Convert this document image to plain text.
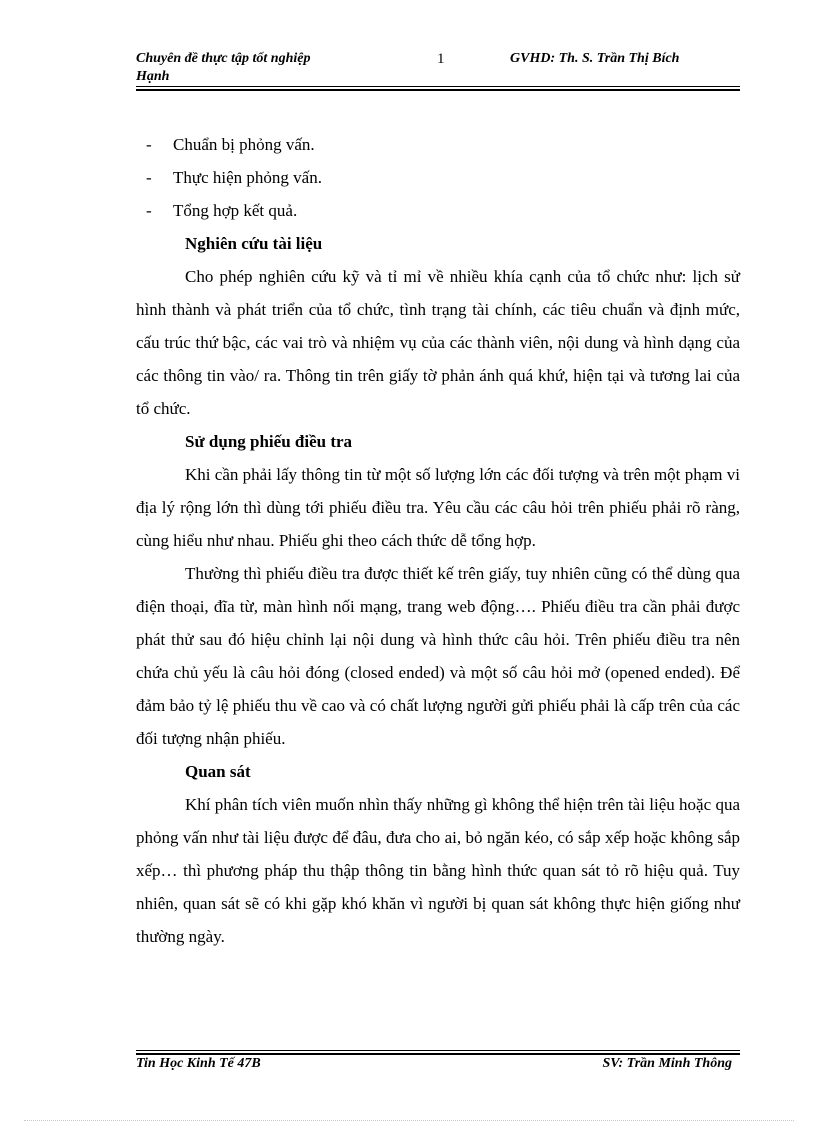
Chuyên đề thực tập tốt nghiệp
Hạnh
1	GVHD: Th. S. Trần Thị Bích
- Chuẩn bị phỏng vấn.
- Thực hiện phỏng vấn.
- Tổng hợp kết quả.
Nghiên cứu tài liệu

Cho phép nghiên cứu kỹ và tỉ mỉ về nhiều khía cạnh của tổ chức như: lịch sử hình thành và phát triển của tổ chức, tình trạng tài chính, các tiêu chuẩn và định mức, cấu trúc thứ bậc, các vai trò và nhiệm vụ của các thành viên, nội dung và hình dạng của các thông tin vào/ ra. Thông tin trên giấy tờ phản ánh quá khứ, hiện tại và tương lai của tổ chức.

Sử dụng phiếu điều tra

Khi cần phải lấy thông tin từ một số lượng lớn các đối tượng và trên một phạm vi địa lý rộng lớn thì dùng tới phiếu điều tra. Yêu cầu các câu hỏi trên phiếu phải rõ ràng, cùng hiểu như nhau. Phiếu ghi theo cách thức dễ tổng hợp.

Thường thì phiếu điều tra được thiết kế trên giấy, tuy nhiên cũng có thể dùng qua điện thoại, đĩa từ, màn hình nối mạng, trang web động…. Phiếu điều tra cần phải được phát thử sau đó hiệu chỉnh lại nội dung và hình thức câu hỏi. Trên phiếu điều tra nên chứa chủ yếu là câu hỏi đóng (closed ended) và một số câu hỏi mở (opened ended). Để đảm bảo tỷ lệ phiếu thu về cao và có chất lượng người gửi phiếu phải là cấp trên của các đối tượng nhận phiếu.

Quan sát

Khí phân tích viên muốn nhìn thấy những gì không thể hiện trên tài liệu hoặc qua phỏng vấn như tài liệu được để đâu, đưa cho ai, bỏ ngăn kéo, có sắp xếp hoặc không sắp xếp… thì phương pháp thu thập thông tin bằng hình thức quan sát tỏ rõ hiệu quả. Tuy nhiên, quan sát sẽ có khi gặp khó khăn vì người bị quan sát không thực hiện giống như thường ngày.

Tin Học Kinh Tế 47B	SV: Trần Minh Thông
